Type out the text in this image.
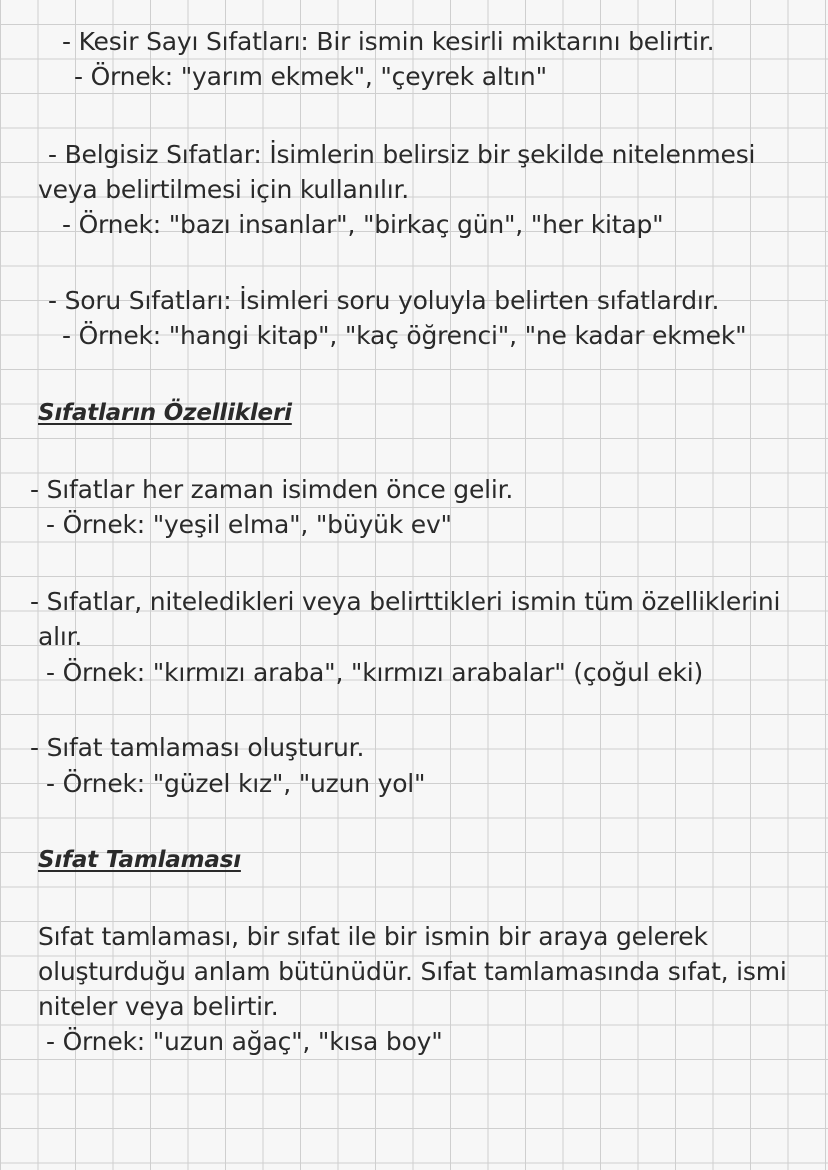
- Kesir Sayı Sıfatları: Bir ismin kesirli miktarını belirtir.
- Örnek: "yarım ekmek", "çeyrek altın"
- Belgisiz Sıfatlar: İsimlerin belirsiz bir şekilde nitelenmesi
veya belirtilmesi için kullanılır.
- Örnek: "bazı insanlar", "birkaç gün", "her kitap"
- Soru Sıfatları: İsimleri soru yoluyla belirten sıfatlardır.
- Örnek: "hangi kitap", "kaç öğrenci", "ne kadar ekmek"
Sıfatların Özellikleri
- Sıfatlar her zaman isimden önce gelir.
- Örnek: "yeşil elma", "büyük ev"
- Sıfatlar, niteledikleri veya belirttikleri ismin tüm özelliklerini
alır.
- Örnek: "kırmızı araba", "kırmızı arabalar" (çoğul eki)
- Sıfat tamlaması oluşturur.
- Örnek: "güzel kız", "uzun yol"
Sıfat Tamlaması
Sıfat tamlaması, bir sıfat ile bir ismin bir araya gelerek
oluşturduğu anlam bütünüdür. Sıfat tamlamasında sıfat, ismi
niteler veya belirtir.
- Örnek: "uzun ağaç", "kısa boy"
